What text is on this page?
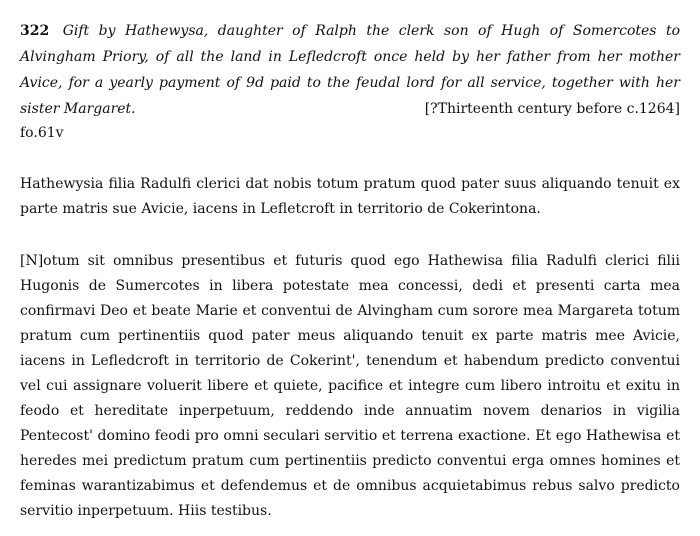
322 Gift by Hathewysa, daughter of Ralph the clerk son of Hugh of Somercotes to Alvingham Priory, of all the land in Lefledcroft once held by her father from her mother Avice, for a yearly payment of 9d paid to the feudal lord for all service, together with her sister Margaret.	[?Thirteenth century before c.1264]

fo.61v

Hathewysia filia Radulfi clerici dat nobis totum pratum quod pater suus aliquando tenuit ex parte matris sue Avicie, iacens in Lefletcroft in territorio de Cokerintona.

[N]otum sit omnibus presentibus et futuris quod ego Hathewisa filia Radulfi clerici filii Hugonis de Sumercotes in libera potestate mea concessi, dedi et presenti carta mea confirmavi Deo et beate Marie et conventui de Alvingham cum sorore mea Margareta totum pratum cum pertinentiis quod pater meus aliquando tenuit ex parte matris mee Avicie, iacens in Lefledcroft in territorio de Cokerint', tenendum et habendum predicto conventui vel cui assignare voluerit libere et quiete, pacifice et integre cum libero introitu et exitu in feodo et hereditate inperpetuum, reddendo inde annuatim novem denarios in vigilia Pentecost' domino feodi pro omni seculari servitio et terrena exactione. Et ego Hathewisa et heredes mei predictum pratum cum pertinentiis predicto conventui erga omnes homines et feminas warantizabimus et defendemus et de omnibus acquietabimus rebus salvo predicto servitio inperpetuum. Hiis testibus.
